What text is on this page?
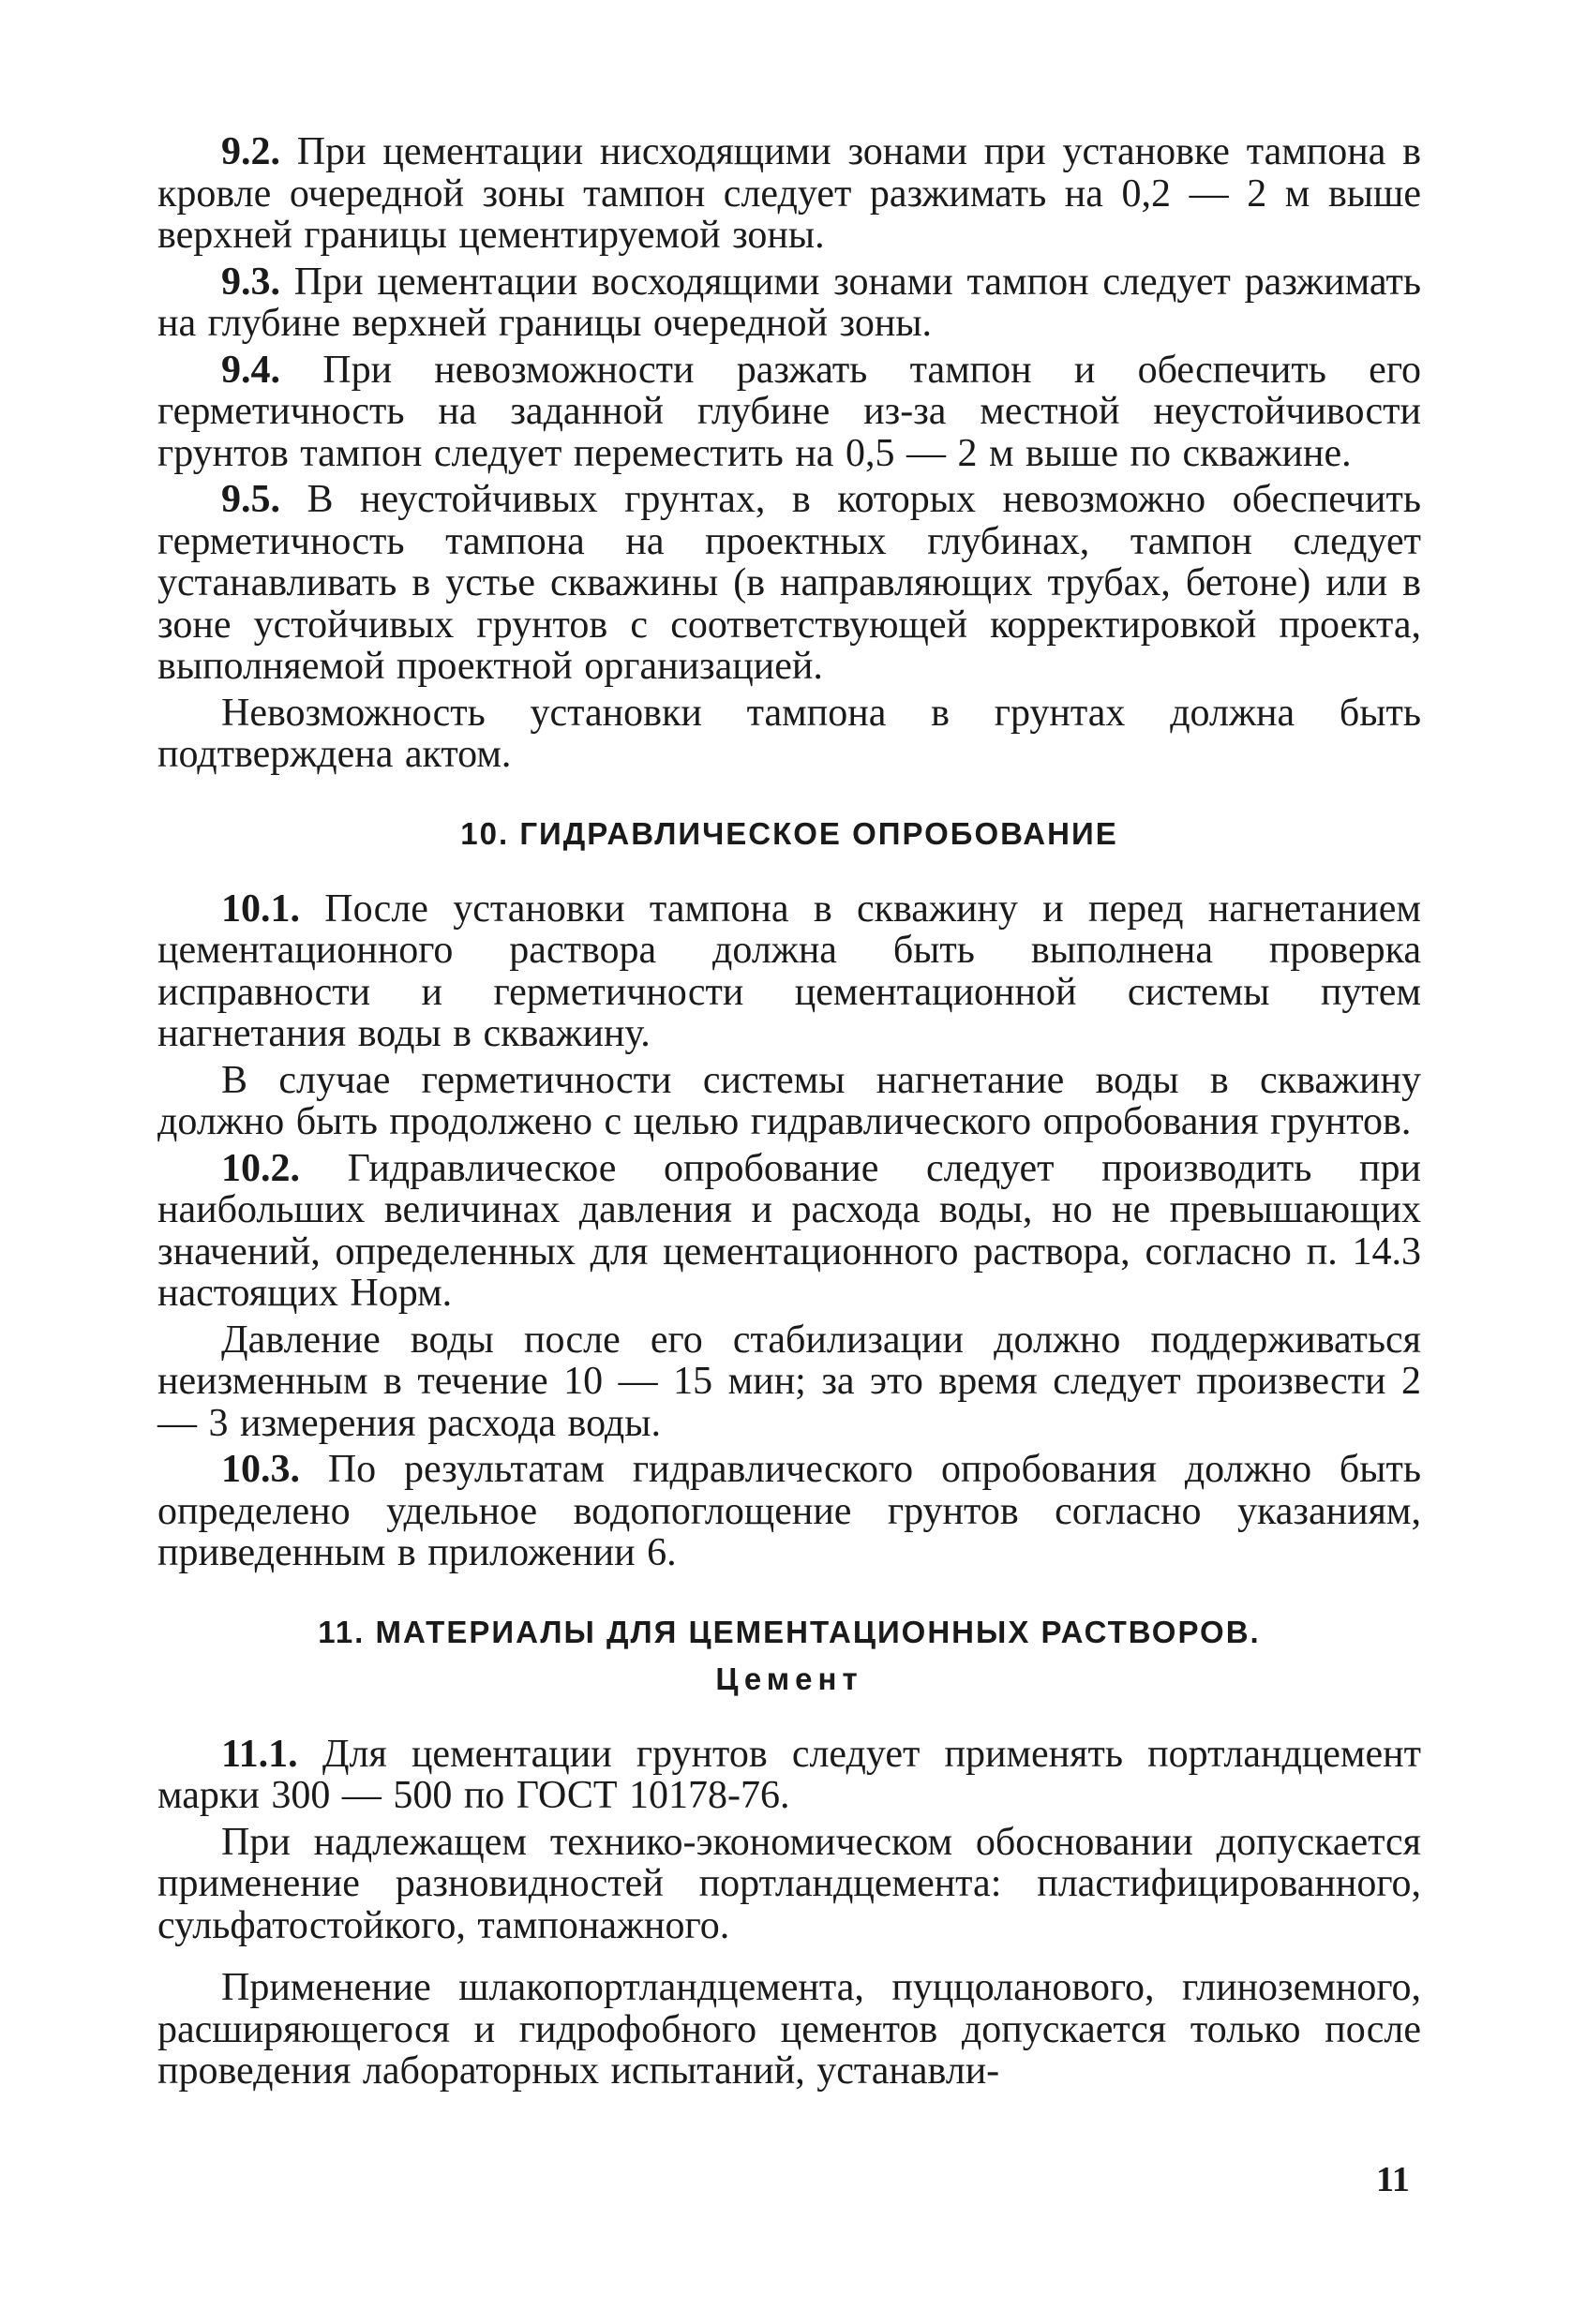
9.2. При цементации нисходящими зонами при установке тампона в кровле очередной зоны тампон следует разжимать на 0,2 — 2 м выше верхней границы цементируемой зоны.

9.3. При цементации восходящими зонами тампон следует разжимать на глубине верхней границы очередной зоны.

9.4. При невозможности разжать тампон и обеспечить его герметичность на заданной глубине из-за местной неустойчивости грунтов тампон следует переместить на 0,5 — 2 м выше по скважине.

9.5. В неустойчивых грунтах, в которых невозможно обеспечить герметичность тампона на проектных глубинах, тампон следует устанавливать в устье скважины (в направляющих трубах, бетоне) или в зоне устойчивых грунтов с соответствующей корректировкой проекта, выполняемой проектной организацией.

Невозможность установки тампона в грунтах должна быть подтверждена актом.

10. ГИДРАВЛИЧЕСКОЕ ОПРОБОВАНИЕ

10.1. После установки тампона в скважину и перед нагнетанием цементационного раствора должна быть выполнена проверка исправности и герметичности цементационной системы путем нагнетания воды в скважину.

В случае герметичности системы нагнетание воды в скважину должно быть продолжено с целью гидравлического опробования грунтов.

10.2. Гидравлическое опробование следует производить при наибольших величинах давления и расхода воды, но не превышающих значений, определенных для цементационного раствора, согласно п. 14.3 настоящих Норм.

Давление воды после его стабилизации должно поддерживаться неизменным в течение 10 — 15 мин; за это время следует произвести 2 — 3 измерения расхода воды.

10.3. По результатам гидравлического опробования должно быть определено удельное водопоглощение грунтов согласно указаниям, приведенным в приложении 6.

11. МАТЕРИАЛЫ ДЛЯ ЦЕМЕНТАЦИОННЫХ РАСТВОРОВ.
Цемент

11.1. Для цементации грунтов следует применять портландцемент марки 300 — 500 по ГОСТ 10178-76.

При надлежащем технико-экономическом обосновании допускается применение разновидностей портландцемента: пластифицированного, сульфатостойкого, тампонажного.

Применение шлакопортландцемента, пуццоланового, глиноземного, расширяющегося и гидрофобного цементов допускается только после проведения лабораторных испытаний, устанавли-

11
